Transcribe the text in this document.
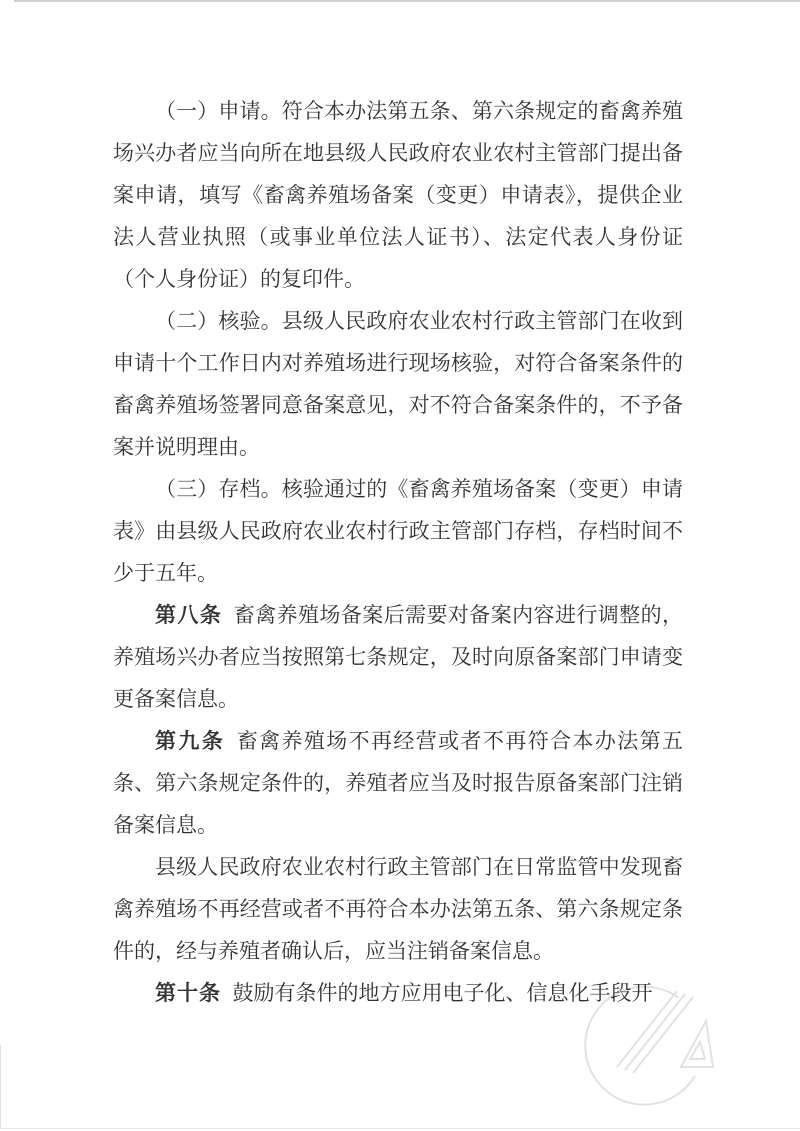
（一）申请。符合本办法第五条、第六条规定的畜禽养殖场兴办者应当向所在地县级人民政府农业农村主管部门提出备案申请，填写《畜禽养殖场备案（变更）申请表》，提供企业法人营业执照（或事业单位法人证书）、法定代表人身份证（个人身份证）的复印件。

（二）核验。县级人民政府农业农村行政主管部门在收到申请十个工作日内对养殖场进行现场核验，对符合备案条件的畜禽养殖场签署同意备案意见，对不符合备案条件的，不予备案并说明理由。

（三）存档。核验通过的《畜禽养殖场备案（变更）申请表》由县级人民政府农业农村行政主管部门存档，存档时间不少于五年。

第八条 畜禽养殖场备案后需要对备案内容进行调整的，养殖场兴办者应当按照第七条规定，及时向原备案部门申请变更备案信息。

第九条 畜禽养殖场不再经营或者不再符合本办法第五条、第六条规定条件的，养殖者应当及时报告原备案部门注销备案信息。

县级人民政府农业农村行政主管部门在日常监管中发现畜禽养殖场不再经营或者不再符合本办法第五条、第六条规定条件的，经与养殖者确认后，应当注销备案信息。

第十条 鼓励有条件的地方应用电子化、信息化手段开
